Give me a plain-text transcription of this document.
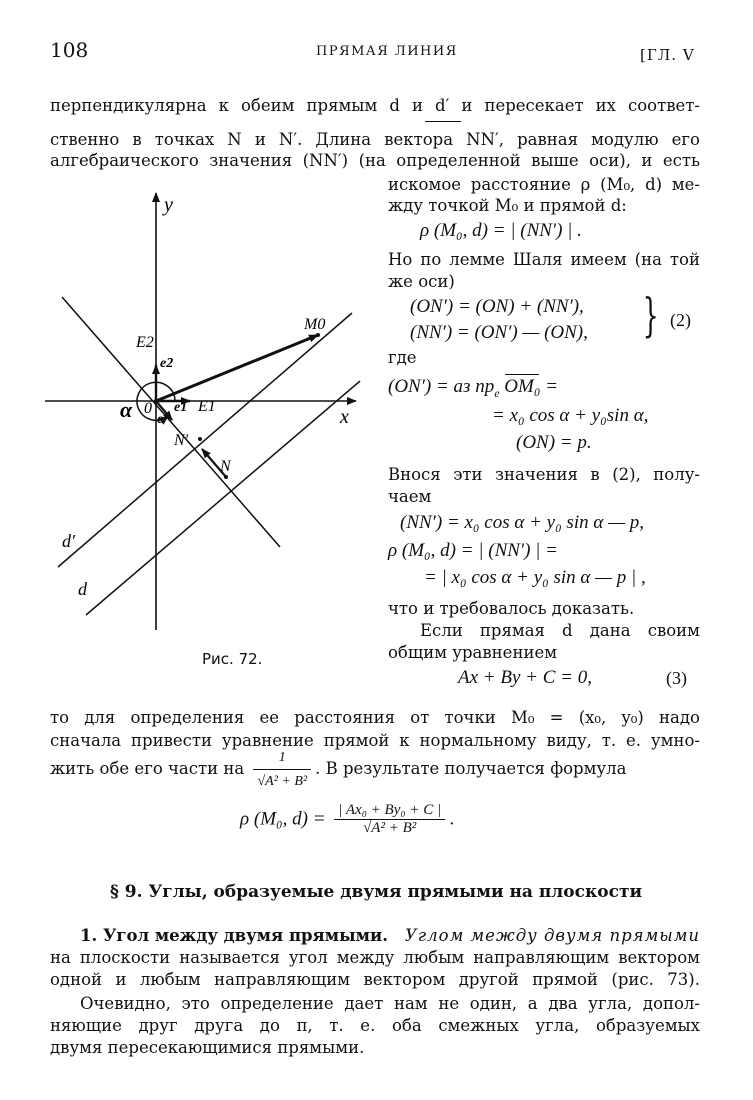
108	ПРЯМАЯ ЛИНИЯ	[ГЛ. V
перпендикулярна к обеим прямым d и d′ и пересекает их соответ-
ственно в точках N и N′. Длина вектора NN′, равная модулю его
алгебраического значения (NN′) (на определенной выше оси), и есть
искомое расстояние ρ (M₀, d) ме-
жду точкой M₀ и прямой d:
ρ (M₀, d) = | (NN′) | .
Но по лемме Шаля имеем (на той
же оси)
(ON′) = (ON) + (NN′),
(NN′) = (ON′) — (ON), } (2)
где
(ON′) = аз $пр_e$ OM₀ =
= x₀ cos α + y₀sin α,
(ON) = p.
Внося эти значения в (2), полу-
чаем
(NN′) = x₀ cos α + y₀ sin α — p,
ρ (M₀, d) = | (NN′) | =
= | x₀ cos α + y₀ sin α — p | ,
что и требовалось доказать.
Если прямая d дана своим
общим уравнением
Ax + By + C = 0,	(3)
y
x
0
α	e1
e2
e
E1
E2
M0
N
N′
d′
d
Рис. 72.
то для определения ее расстояния от точки M₀ = (x₀, y₀) надо
сначала привести уравнение прямой к нормальному виду, т. е. умно-
жить обе его части на $\frac{1}{\text{√A² + B²}}$ . В результате получается формула
ρ (M₀, $d) = \frac{\text{| Ax₀ + By₀ + C |}}{\text{√A² + B²}}$ .
§ 9. Углы, образуемые двумя прямыми на плоскости
1. Угол между двумя прямыми. Углом между двумя прямыми
на плоскости называется угол между любым направляющим вектором
одной и любым направляющим вектором другой прямой (рис. 73).
Очевидно, это определение дает нам не один, а два угла, допол-
няющие друг друга до π, т. е. оба смежных угла, образуемых
двумя пересекающимися прямыми.
